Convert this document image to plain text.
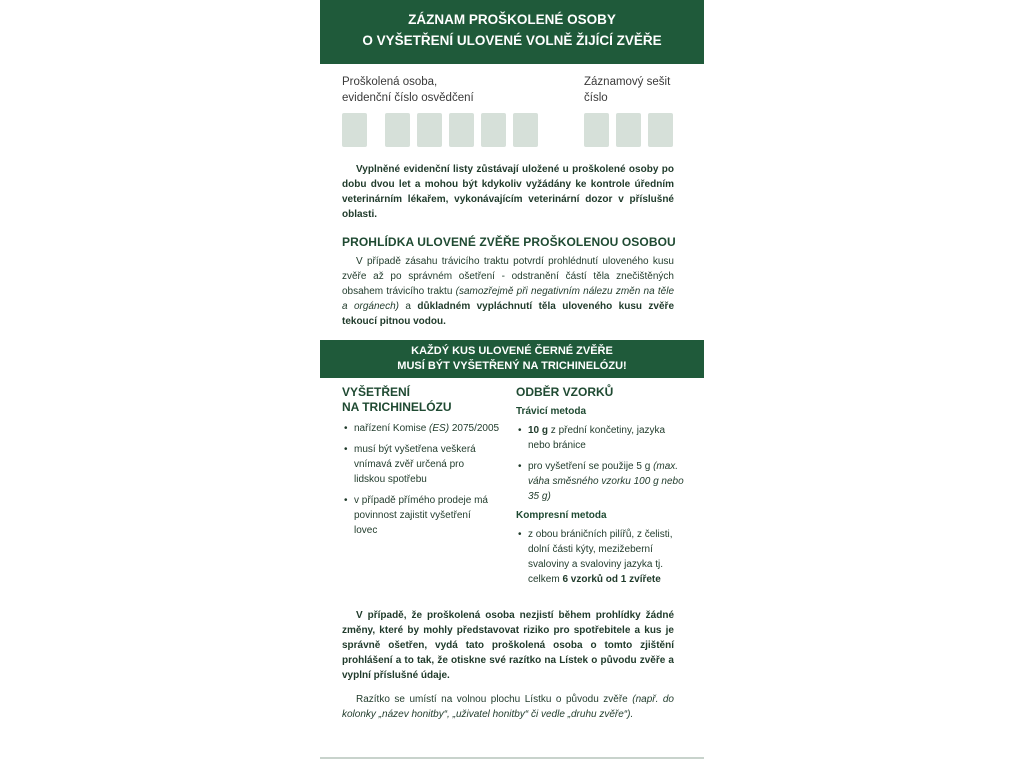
ZÁZNAM PROŠKOLENÉ OSOBY
O VYŠETŘENÍ ULOVENÉ VOLNĚ ŽIJÍCÍ ZVĚŘE
Proškolená osoba,
evidenční číslo osvědčení
Záznamový sešit
číslo
Vyplněné evidenční listy zůstávají uložené u proškolené osoby po dobu dvou let a mohou být kdykoliv vyžádány ke kontrole úředním veterinárním lékařem, vykonávajícím veterinární dozor v příslušné oblasti.
PROHLÍDKA ULOVENÉ ZVĚŘE PROŠKOLENOU OSOBOU
V případě zásahu trávicího traktu potvrdí prohlédnutí uloveného kusu zvěře až po správném ošetření - odstranění částí těla znečištěných obsahem trávicího traktu (samozřejmě při negativním nálezu změn na těle a orgánech) a důkladném vypláchnutí těla uloveného kusu zvěře tekoucí pitnou vodou.
KAŽDÝ KUS ULOVENÉ ČERNÉ ZVĚŘE
MUSÍ BÝT VYŠETŘENÝ NA TRICHINELÓZU!
VYŠETŘENÍ
NA TRICHINELÓZU
• nařízení Komise (ES) 2075/2005
• musí být vyšetřena veškerá vnímavá zvěř určená pro lidskou spotřebu
• v případě přímého prodeje má povinnost zajistit vyšetření lovec
ODBĚR VZORKŮ
Trávicí metoda
• 10 g z přední končetiny, jazyka nebo bránice
• pro vyšetření se použije 5 g (max. váha směsného vzorku 100 g nebo 35 g)
Kompresní metoda
• z obou bráničních pilířů, z čelisti, dolní části kýty, mezižeberní svaloviny a svaloviny jazyka tj. celkem 6 vzorků od 1 zvířete
V případě, že proškolená osoba nezjistí během prohlídky žádné změny, které by mohly představovat riziko pro spotřebitele a kus je správně ošetřen, vydá tato proškolená osoba o tomto zjištění prohlášení a to tak, že otiskne své razítko na Lístek o původu zvěře a vyplní příslušné údaje.
Razítko se umístí na volnou plochu Lístku o původu zvěře (např. do kolonky „název honitby“, „uživatel honitby“ či vedle „druhu zvěře“).
